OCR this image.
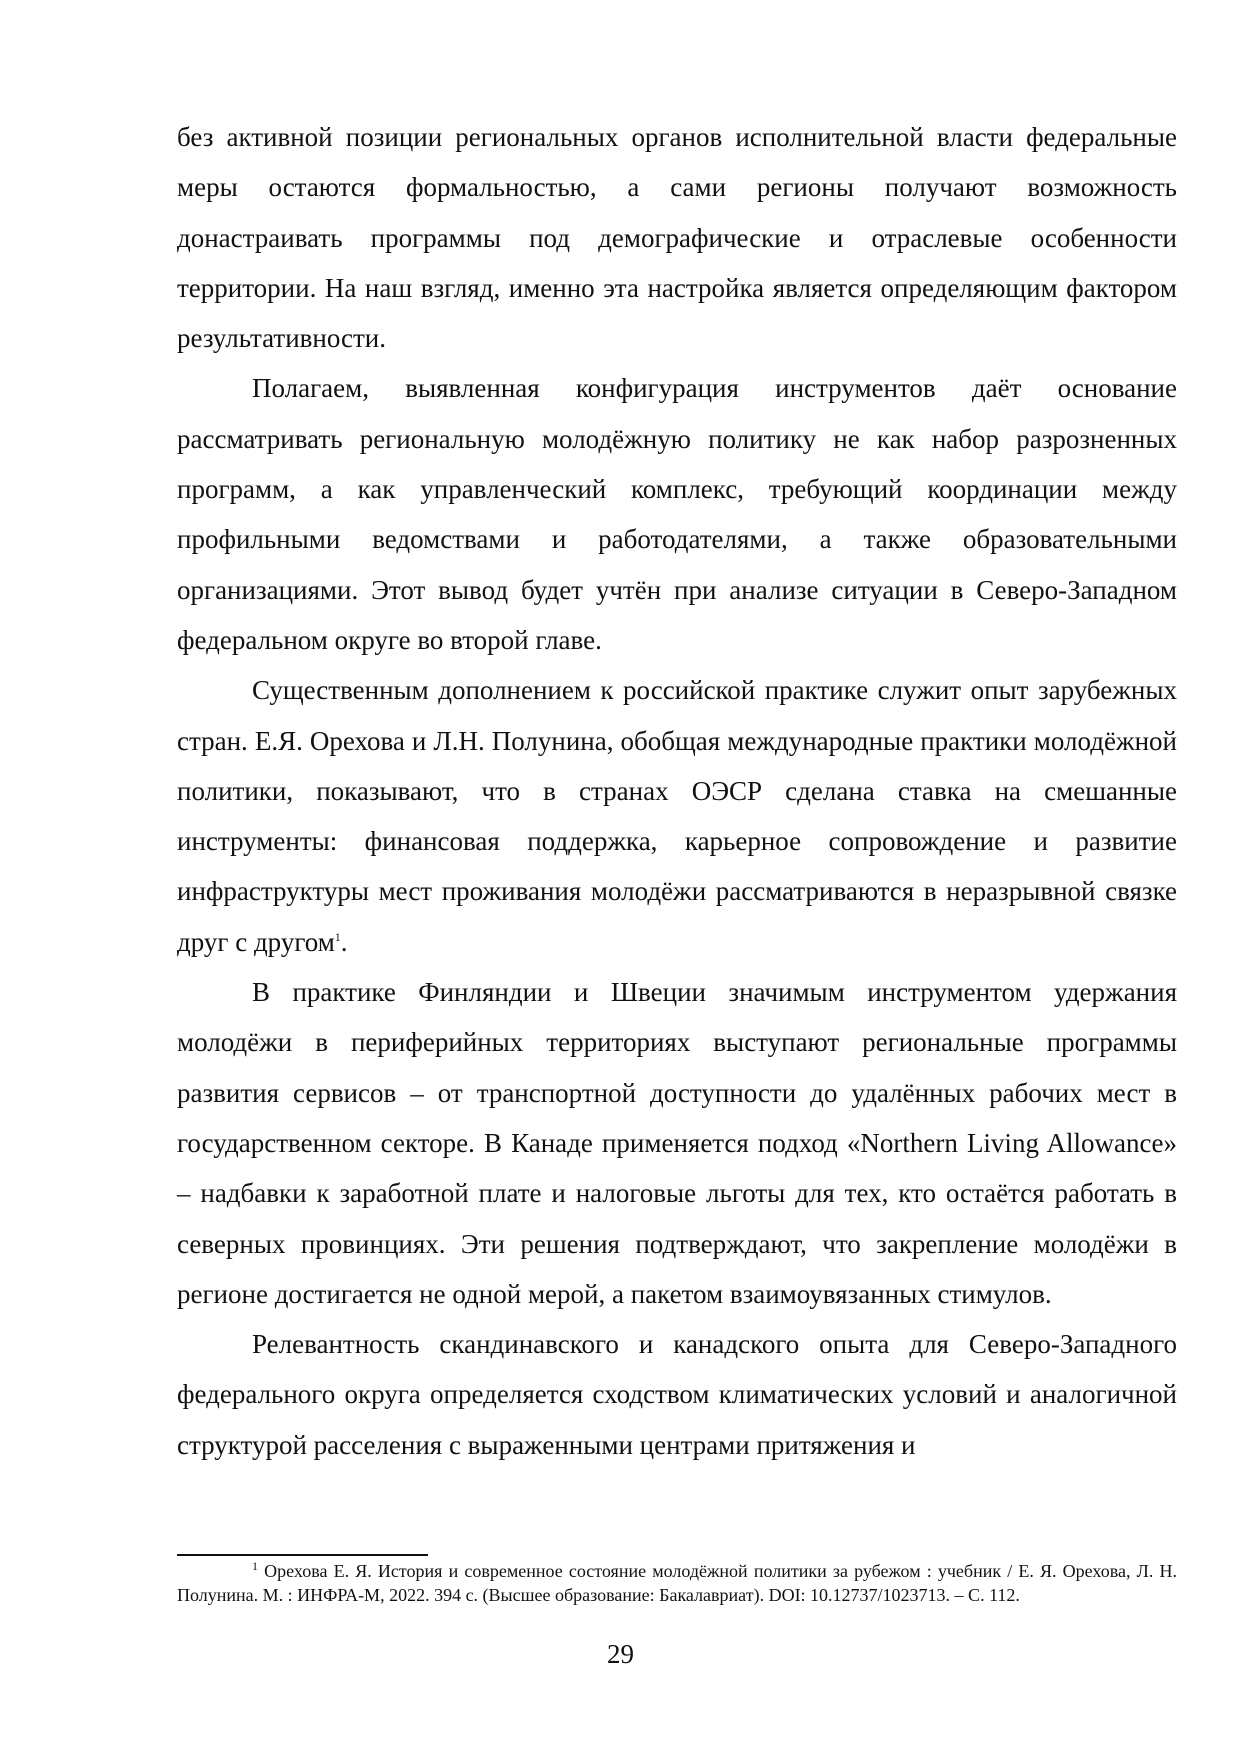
без активной позиции региональных органов исполнительной власти федеральные меры остаются формальностью, а сами регионы получают возможность донастраивать программы под демографические и отраслевые особенности территории. На наш взгляд, именно эта настройка является определяющим фактором результативности.

Полагаем, выявленная конфигурация инструментов даёт основание рассматривать региональную молодёжную политику не как набор разрозненных программ, а как управленческий комплекс, требующий координации между профильными ведомствами и работодателями, а также образовательными организациями. Этот вывод будет учтён при анализе ситуации в Северо-Западном федеральном округе во второй главе.

Существенным дополнением к российской практике служит опыт зарубежных стран. Е.Я. Орехова и Л.Н. Полунина, обобщая международные практики молодёжной политики, показывают, что в странах ОЭСР сделана ставка на смешанные инструменты: финансовая поддержка, карьерное сопровождение и развитие инфраструктуры мест проживания молодёжи рассматриваются в неразрывной связке друг с другом$^1$.

В практике Финляндии и Швеции значимым инструментом удержания молодёжи в периферийных территориях выступают региональные программы развития сервисов – от транспортной доступности до удалённых рабочих мест в государственном секторе. В Канаде применяется подход «Northern Living Allowance» – надбавки к заработной плате и налоговые льготы для тех, кто остаётся работать в северных провинциях. Эти решения подтверждают, что закрепление молодёжи в регионе достигается не одной мерой, а пакетом взаимоувязанных стимулов.

Релевантность скандинавского и канадского опыта для Северо-Западного федерального округа определяется сходством климатических условий и аналогичной структурой расселения с выраженными центрами притяжения и

$^1$ Орехова Е. Я. История и современное состояние молодёжной политики за рубежом : учебник / Е. Я. Орехова, Л. Н. Полунина. М. : ИНФРА-М, 2022. 394 с. (Высшее образование: Бакалавриат). DOI: 10.12737/1023713. – С. 112.

29
